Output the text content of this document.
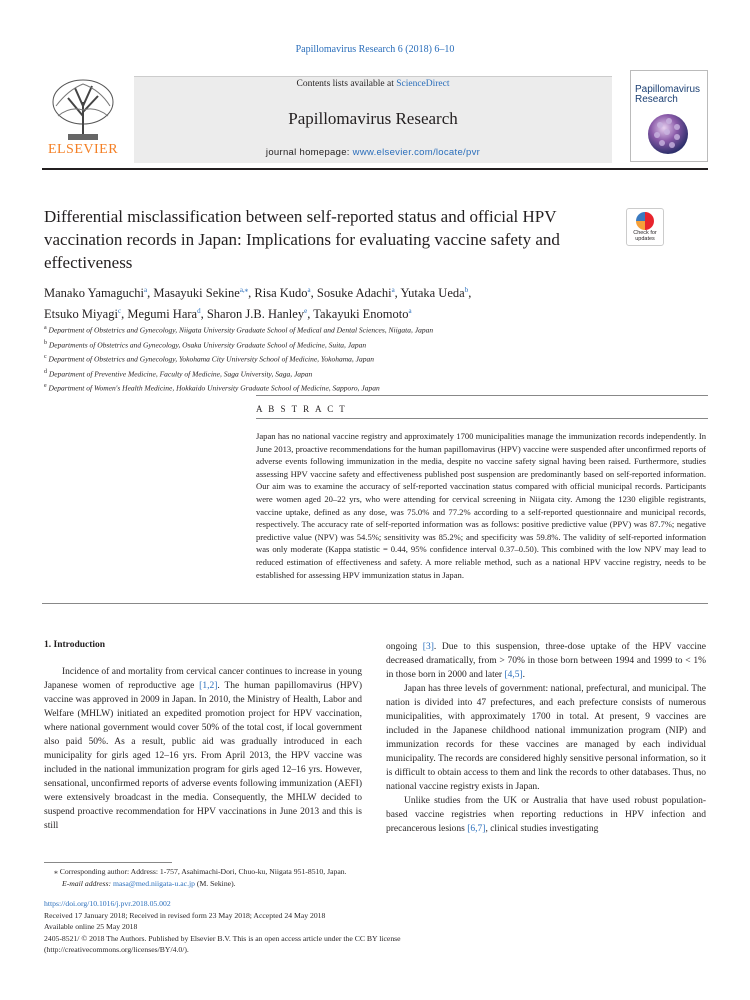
Papillomavirus Research 6 (2018) 6–10
ELSEVIER
Contents lists available at ScienceDirect
Papillomavirus Research
journal homepage: www.elsevier.com/locate/pvr
Papillomavirus
Research
Differential misclassification between self-reported status and official HPV vaccination records in Japan: Implications for evaluating vaccine safety and effectiveness
Check for
updates
Manako Yamaguchi$^a$, Masayuki Sekine$^{a,⁎}$, Risa Kudo$^a$, Sosuke Adachi$^a$, Yutaka Ueda$^b$,
Etsuko Miyagi$^c$, Megumi Hara$^d$, Sharon J.B. Hanley$^e$, Takayuki Enomoto$^a$
$^a$ Department of Obstetrics and Gynecology, Niigata University Graduate School of Medical and Dental Sciences, Niigata, Japan
$^b$ Departments of Obstetrics and Gynecology, Osaka University Graduate School of Medicine, Suita, Japan
$^c$ Department of Obstetrics and Gynecology, Yokohama City University School of Medicine, Yokohama, Japan
$^d$ Department of Preventive Medicine, Faculty of Medicine, Saga University, Saga, Japan
$^e$ Department of Women's Health Medicine, Hokkaido University Graduate School of Medicine, Sapporo, Japan
A B S T R A C T
Japan has no national vaccine registry and approximately 1700 municipalities manage the immunization records independently. In June 2013, proactive recommendations for the human papillomavirus (HPV) vaccine were suspended after unconfirmed reports of adverse events following immunization in the media, despite no vaccine safety signal having been raised. Furthermore, studies assessing HPV vaccine safety and effectiveness published post suspension are predominantly based on self-reported information. Our aim was to examine the accuracy of self-reported vaccination status compared with official municipal records. Participants were women aged 20–22 yrs, who were attending for cervical screening in Niigata city. Among the 1230 eligible registrants, vaccine uptake, defined as any dose, was 75.0% and 77.2% according to a self-reported questionnaire and municipal records, respectively. The accuracy rate of self-reported information was as follows: positive predictive value (PPV) was 87.7%; negative predictive value (NPV) was 54.5%; sensitivity was 85.2%; and specificity was 59.8%. The validity of self-reported information was only moderate (Kappa statistic = 0.44, 95% confidence interval 0.37–0.50). This combined with the low NPV may lead to reduced estimation of effectiveness and safety. A more reliable method, such as a national HPV vaccine registry, needs to be established for assessing HPV immunization status in Japan.
1. Introduction

Incidence of and mortality from cervical cancer continues to increase in young Japanese women of reproductive age [1,2]. The human papillomavirus (HPV) vaccine was approved in 2009 in Japan. In 2010, the Ministry of Health, Labor and Welfare (MHLW) initiated an expedited promotion project for HPV vaccination, where national government would cover 50% of the total cost, if local government also paid 50%. As a result, public aid was gradually introduced in each municipality for girls aged 12–16 yrs. From April 2013, the HPV vaccine was included in the national immunization program for girls aged 12–16 yrs. However, sensational, unconfirmed reports of adverse events following immunization (AEFI) were extensively broadcast in the media. Consequently, the MHLW decided to suspend proactive recommendation for HPV vaccinations in June 2013 and this is still

ongoing [3]. Due to this suspension, three-dose uptake of the HPV vaccine decreased dramatically, from > 70% in those born between 1994 and 1999 to < 1% in those born in 2000 and later [4,5].

Japan has three levels of government: national, prefectural, and municipal. The nation is divided into 47 prefectures, and each prefecture consists of numerous municipalities, with approximately 1700 in total. At present, 9 vaccines are included in the Japanese childhood national immunization program (NIP) and immunization records for these vaccines are managed by each individual municipality. The records are considered highly sensitive personal information, so it is difficult to obtain access to them and link the records to other databases. Thus, no national vaccine registry exists in Japan.

Unlike studies from the UK or Australia that have used robust population-based vaccine registries when reporting reductions in HPV infection and precancerous lesions [6,7], clinical studies investigating

⁎ Corresponding author: Address: 1-757, Asahimachi-Dori, Chuo-ku, Niigata 951-8510, Japan.
E-mail address: masa@med.niigata-u.ac.jp (M. Sekine).
https://doi.org/10.1016/j.pvr.2018.05.002
Received 17 January 2018; Received in revised form 23 May 2018; Accepted 24 May 2018
Available online 25 May 2018
2405-8521/ © 2018 The Authors. Published by Elsevier B.V. This is an open access article under the CC BY license
(http://creativecommons.org/licenses/BY/4.0/).
